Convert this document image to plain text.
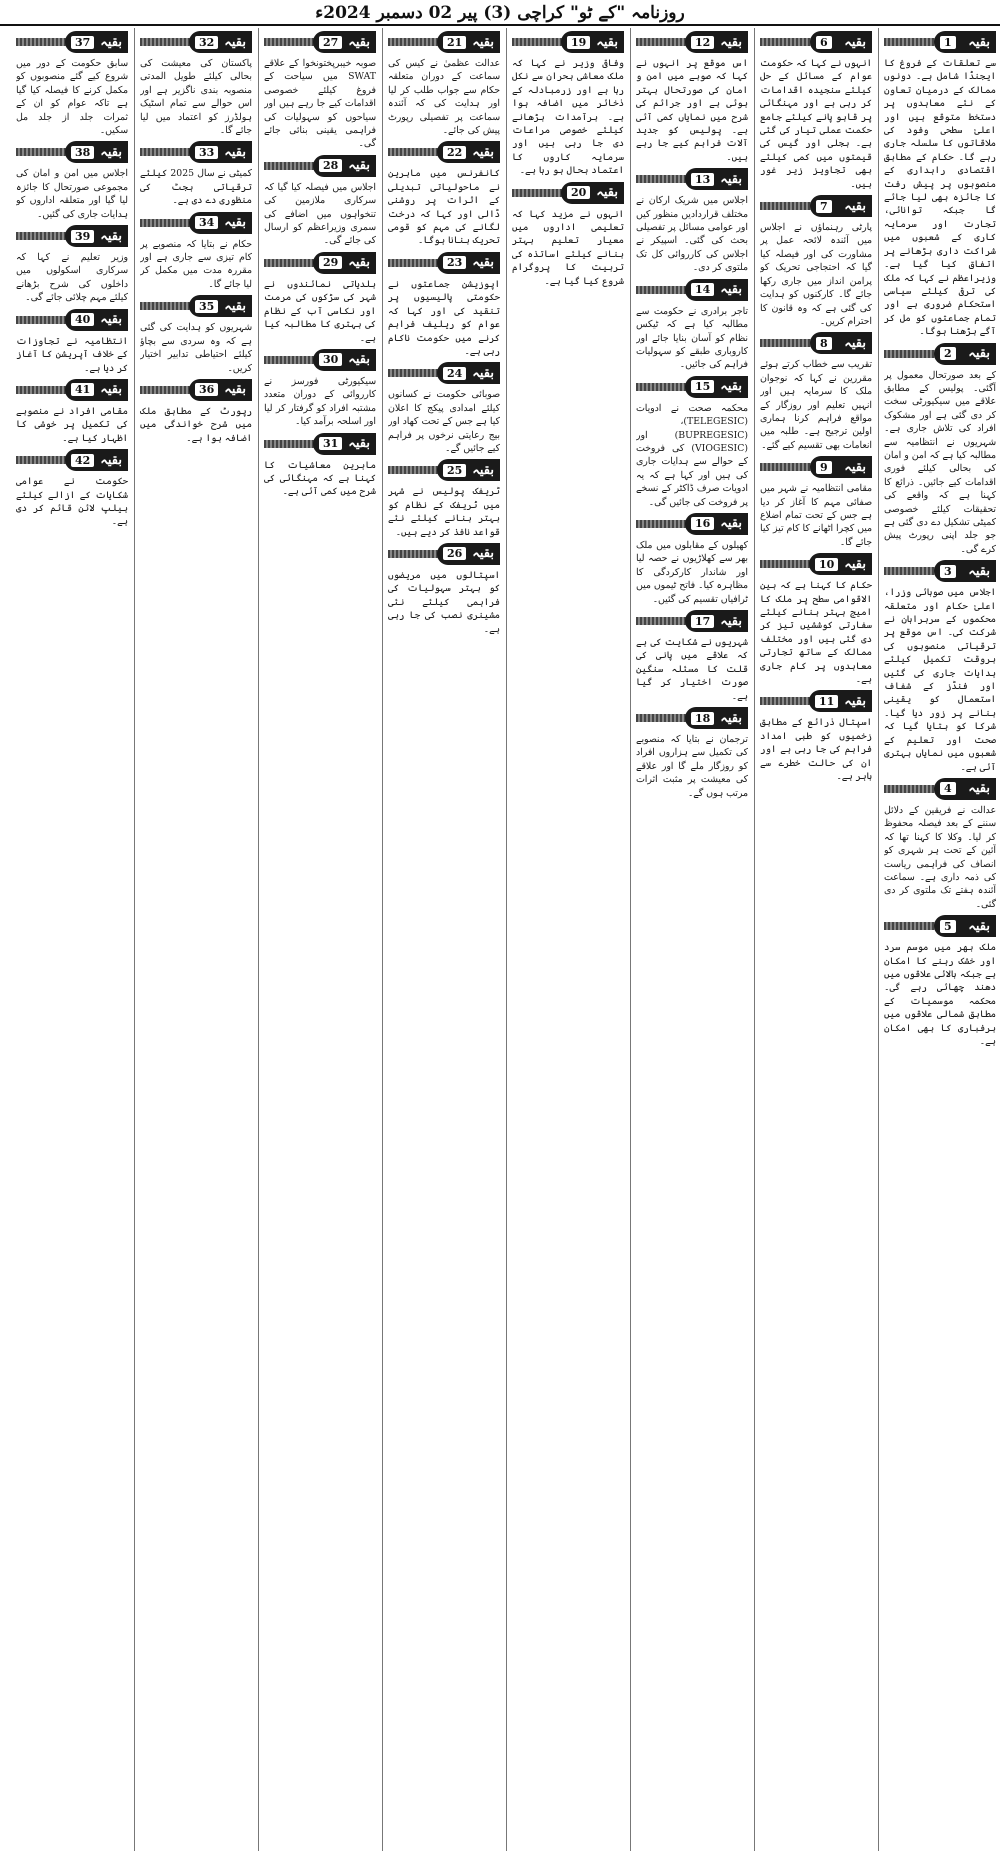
روزنامہ "کے ٹو" کراچی (3) پیر 02 دسمبر 2024ء
1	بقیہ
سے تعلقات کے فروغ کا ایجنڈا شامل ہے۔ دونوں ممالک کے درمیان تعاون کے نئے معاہدوں پر دستخط متوقع ہیں اور اعلیٰ سطحی وفود کی ملاقاتوں کا سلسلہ جاری رہے گا۔ حکام کے مطابق اقتصادی راہداری کے منصوبوں پر پیش رفت کا جائزہ بھی لیا جائے گا جبکہ توانائی، تجارت اور سرمایہ کاری کے شعبوں میں شراکت داری بڑھانے پر اتفاق کیا گیا ہے۔ وزیراعظم نے کہا کہ ملک کی ترقی کیلئے سیاسی استحکام ضروری ہے اور تمام جماعتوں کو مل کر آگے بڑھنا ہوگا۔
2	بقیہ
کے بعد صورتحال معمول پر آگئی۔ پولیس کے مطابق علاقے میں سیکیورٹی سخت کر دی گئی ہے اور مشکوک افراد کی تلاش جاری ہے۔ شہریوں نے انتظامیہ سے مطالبہ کیا ہے کہ امن و امان کی بحالی کیلئے فوری اقدامات کیے جائیں۔ ذرائع کا کہنا ہے کہ واقعے کی تحقیقات کیلئے خصوصی کمیٹی تشکیل دے دی گئی ہے جو جلد اپنی رپورٹ پیش کرے گی۔
3	بقیہ
اجلاس میں صوبائی وزرا، اعلیٰ حکام اور متعلقہ محکموں کے سربراہان نے شرکت کی۔ اس موقع پر ترقیاتی منصوبوں کی بروقت تکمیل کیلئے ہدایات جاری کی گئیں اور فنڈز کے شفاف استعمال کو یقینی بنانے پر زور دیا گیا۔ شرکا کو بتایا گیا کہ صحت اور تعلیم کے شعبوں میں نمایاں بہتری آئی ہے۔
4	بقیہ
عدالت نے فریقین کے دلائل سننے کے بعد فیصلہ محفوظ کر لیا۔ وکلا کا کہنا تھا کہ آئین کے تحت ہر شہری کو انصاف کی فراہمی ریاست کی ذمہ داری ہے۔ سماعت آئندہ ہفتے تک ملتوی کر دی گئی۔
5	بقیہ
ملک بھر میں موسم سرد اور خشک رہنے کا امکان ہے جبکہ بالائی علاقوں میں دھند چھائی رہے گی۔ محکمہ موسمیات کے مطابق شمالی علاقوں میں برفباری کا بھی امکان ہے۔
6	بقیہ
انہوں نے کہا کہ حکومت عوام کے مسائل کے حل کیلئے سنجیدہ اقدامات کر رہی ہے اور مہنگائی پر قابو پانے کیلئے جامع حکمت عملی تیار کی گئی ہے۔ بجلی اور گیس کی قیمتوں میں کمی کیلئے بھی تجاویز زیر غور ہیں۔
7	بقیہ
پارٹی رہنماؤں نے اجلاس میں آئندہ لائحہ عمل پر مشاورت کی اور فیصلہ کیا گیا کہ احتجاجی تحریک کو پرامن انداز میں جاری رکھا جائے گا۔ کارکنوں کو ہدایت کی گئی ہے کہ وہ قانون کا احترام کریں۔
8	بقیہ
تقریب سے خطاب کرتے ہوئے مقررین نے کہا کہ نوجوان ملک کا سرمایہ ہیں اور انہیں تعلیم اور روزگار کے مواقع فراہم کرنا ہماری اولین ترجیح ہے۔ طلبہ میں انعامات بھی تقسیم کیے گئے۔
9	بقیہ
مقامی انتظامیہ نے شہر میں صفائی مہم کا آغاز کر دیا ہے جس کے تحت تمام اضلاع میں کچرا اٹھانے کا کام تیز کیا جائے گا۔
10 بقیہ
حکام کا کہنا ہے کہ بین الاقوامی سطح پر ملک کا امیج بہتر بنانے کیلئے سفارتی کوششیں تیز کر دی گئی ہیں اور مختلف ممالک کے ساتھ تجارتی معاہدوں پر کام جاری ہے۔
11 بقیہ
اسپتال ذرائع کے مطابق زخمیوں کو طبی امداد فراہم کی جا رہی ہے اور ان کی حالت خطرے سے باہر ہے۔
12 بقیہ
اس موقع پر انہوں نے کہا کہ صوبے میں امن و امان کی صورتحال بہتر ہوئی ہے اور جرائم کی شرح میں نمایاں کمی آئی ہے۔ پولیس کو جدید آلات فراہم کیے جا رہے ہیں۔
13 بقیہ
اجلاس میں شریک ارکان نے مختلف قراردادیں منظور کیں اور عوامی مسائل پر تفصیلی بحث کی گئی۔ اسپیکر نے اجلاس کی کارروائی کل تک ملتوی کر دی۔
14 بقیہ
تاجر برادری نے حکومت سے مطالبہ کیا ہے کہ ٹیکس نظام کو آسان بنایا جائے اور کاروباری طبقے کو سہولیات فراہم کی جائیں۔
15 بقیہ
محکمہ صحت نے ادویات (TELEGESIC)، (BUPREGESIC) اور (VIOGESIC) کی فروخت کے حوالے سے ہدایات جاری کی ہیں اور کہا ہے کہ یہ ادویات صرف ڈاکٹر کے نسخے پر فروخت کی جائیں گی۔
16 بقیہ
کھیلوں کے مقابلوں میں ملک بھر سے کھلاڑیوں نے حصہ لیا اور شاندار کارکردگی کا مظاہرہ کیا۔ فاتح ٹیموں میں ٹرافیاں تقسیم کی گئیں۔
17 بقیہ
شہریوں نے شکایت کی ہے کہ علاقے میں پانی کی قلت کا مسئلہ سنگین صورت اختیار کر گیا ہے۔
18 بقیہ
ترجمان نے بتایا کہ منصوبے کی تکمیل سے ہزاروں افراد کو روزگار ملے گا اور علاقے کی معیشت پر مثبت اثرات مرتب ہوں گے۔
19 بقیہ
وفاقی وزیر نے کہا کہ ملک معاشی بحران سے نکل رہا ہے اور زرمبادلہ کے ذخائر میں اضافہ ہوا ہے۔ برآمدات بڑھانے کیلئے خصوصی مراعات دی جا رہی ہیں اور سرمایہ کاروں کا اعتماد بحال ہو رہا ہے۔
20 بقیہ
انہوں نے مزید کہا کہ تعلیمی اداروں میں معیار تعلیم بہتر بنانے کیلئے اساتذہ کی تربیت کا پروگرام شروع کیا گیا ہے۔
21 بقیہ
عدالت عظمیٰ نے کیس کی سماعت کے دوران متعلقہ حکام سے جواب طلب کر لیا اور ہدایت کی کہ آئندہ سماعت پر تفصیلی رپورٹ پیش کی جائے۔
22 بقیہ
کانفرنس میں ماہرین نے ماحولیاتی تبدیلی کے اثرات پر روشنی ڈالی اور کہا کہ درخت لگانے کی مہم کو قومی تحریک بنانا ہوگا۔
23 بقیہ
اپوزیشن جماعتوں نے حکومتی پالیسیوں پر تنقید کی اور کہا کہ عوام کو ریلیف فراہم کرنے میں حکومت ناکام رہی ہے۔
24 بقیہ
صوبائی حکومت نے کسانوں کیلئے امدادی پیکج کا اعلان کیا ہے جس کے تحت کھاد اور بیج رعایتی نرخوں پر فراہم کیے جائیں گے۔
25 بقیہ
ٹریفک پولیس نے شہر میں ٹریفک کے نظام کو بہتر بنانے کیلئے نئے قواعد نافذ کر دیے ہیں۔
26 بقیہ
اسپتالوں میں مریضوں کو بہتر سہولیات کی فراہمی کیلئے نئی مشینری نصب کی جا رہی ہے۔
27 بقیہ
صوبہ خیبرپختونخوا کے علاقے SWAT میں سیاحت کے فروغ کیلئے خصوصی اقدامات کیے جا رہے ہیں اور سیاحوں کو سہولیات کی فراہمی یقینی بنائی جائے گی۔
28 بقیہ
اجلاس میں فیصلہ کیا گیا کہ سرکاری ملازمین کی تنخواہوں میں اضافے کی سمری وزیراعظم کو ارسال کی جائے گی۔
29 بقیہ
بلدیاتی نمائندوں نے شہر کی سڑکوں کی مرمت اور نکاسی آب کے نظام کی بہتری کا مطالبہ کیا ہے۔
30 بقیہ
سیکیورٹی فورسز نے کارروائی کے دوران متعدد مشتبہ افراد کو گرفتار کر لیا اور اسلحہ برآمد کیا۔
31 بقیہ
ماہرین معاشیات کا کہنا ہے کہ مہنگائی کی شرح میں کمی آئی ہے۔
32 بقیہ
پاکستان کی معیشت کی بحالی کیلئے طویل المدتی منصوبہ بندی ناگزیر ہے اور اس حوالے سے تمام اسٹیک ہولڈرز کو اعتماد میں لیا جائے گا۔
33 بقیہ
کمیٹی نے سال 2025 کیلئے ترقیاتی بجٹ کی منظوری دے دی ہے۔
34 بقیہ
حکام نے بتایا کہ منصوبے پر کام تیزی سے جاری ہے اور مقررہ مدت میں مکمل کر لیا جائے گا۔
35 بقیہ
شہریوں کو ہدایت کی گئی ہے کہ وہ سردی سے بچاؤ کیلئے احتیاطی تدابیر اختیار کریں۔
36 بقیہ
رپورٹ کے مطابق ملک میں شرح خواندگی میں اضافہ ہوا ہے۔
37 بقیہ
سابق حکومت کے دور میں شروع کیے گئے منصوبوں کو مکمل کرنے کا فیصلہ کیا گیا ہے تاکہ عوام کو ان کے ثمرات جلد از جلد مل سکیں۔
38 بقیہ
اجلاس میں امن و امان کی مجموعی صورتحال کا جائزہ لیا گیا اور متعلقہ اداروں کو ہدایات جاری کی گئیں۔
39 بقیہ
وزیر تعلیم نے کہا کہ سرکاری اسکولوں میں داخلوں کی شرح بڑھانے کیلئے مہم چلائی جائے گی۔
40 بقیہ
انتظامیہ نے تجاوزات کے خلاف آپریشن کا آغاز کر دیا ہے۔
41 بقیہ
مقامی افراد نے منصوبے کی تکمیل پر خوشی کا اظہار کیا ہے۔
42 بقیہ
حکومت نے عوامی شکایات کے ازالے کیلئے ہیلپ لائن قائم کر دی ہے۔
